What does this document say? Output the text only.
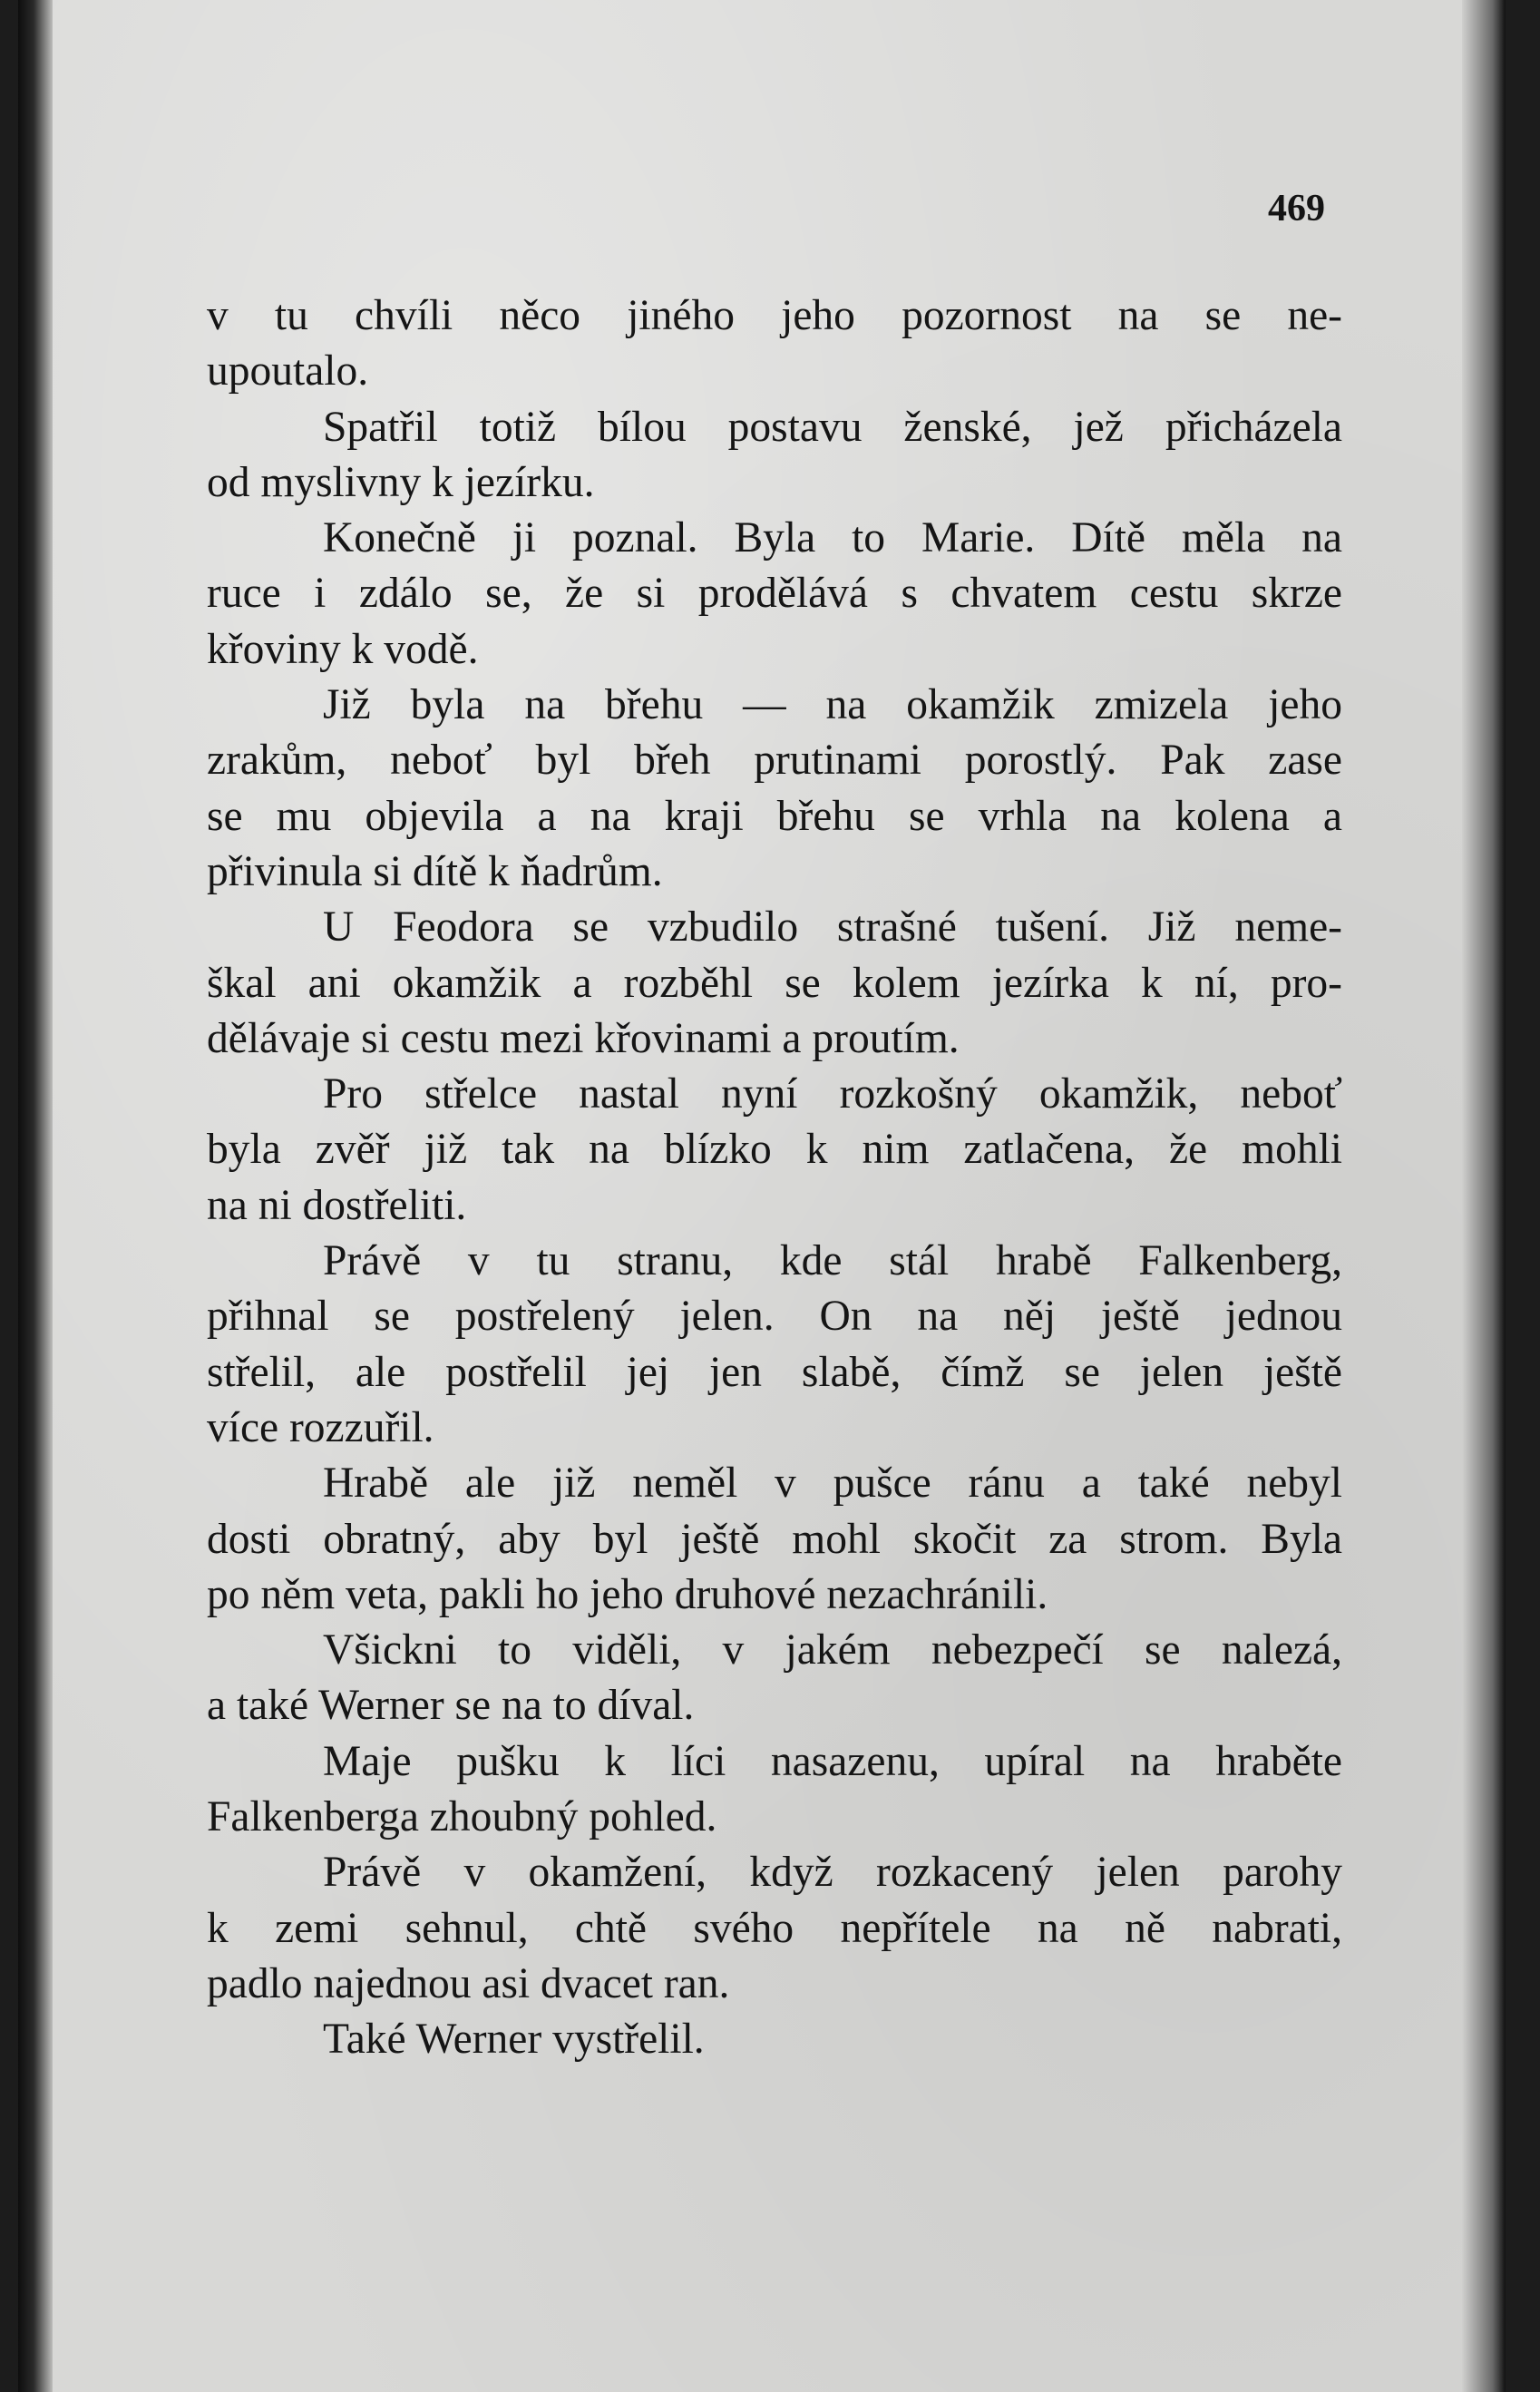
469
v tu chvíli něco jiného jeho pozornost na se ne-
upoutalo.
Spatřil totiž bílou postavu ženské, jež přicházela
od myslivny k jezírku.
Konečně ji poznal. Byla to Marie. Dítě měla na
ruce i zdálo se, že si prodělává s chvatem cestu skrze
křoviny k vodě.
Již byla na břehu — na okamžik zmizela jeho
zrakům, neboť byl břeh prutinami porostlý. Pak zase
se mu objevila a na kraji břehu se vrhla na kolena a
přivinula si dítě k ňadrům.
U Feodora se vzbudilo strašné tušení. Již neme-
škal ani okamžik a rozběhl se kolem jezírka k ní, pro-
dělávaje si cestu mezi křovinami a proutím.
Pro střelce nastal nyní rozkošný okamžik, neboť
byla zvěř již tak na blízko k nim zatlačena, že mohli
na ni dostřeliti.
Právě v tu stranu, kde stál hrabě Falkenberg,
přihnal se postřelený jelen. On na něj ještě jednou
střelil, ale postřelil jej jen slabě, čímž se jelen ještě
více rozzuřil.
Hrabě ale již neměl v pušce ránu a také nebyl
dosti obratný, aby byl ještě mohl skočit za strom. Byla
po něm veta, pakli ho jeho druhové nezachránili.
Všickni to viděli, v jakém nebezpečí se nalezá,
a také Werner se na to díval.
Maje pušku k líci nasazenu, upíral na hraběte
Falkenberga zhoubný pohled.
Právě v okamžení, když rozkacený jelen parohy
k zemi sehnul, chtě svého nepřítele na ně nabrati,
padlo najednou asi dvacet ran.
Také Werner vystřelil.
